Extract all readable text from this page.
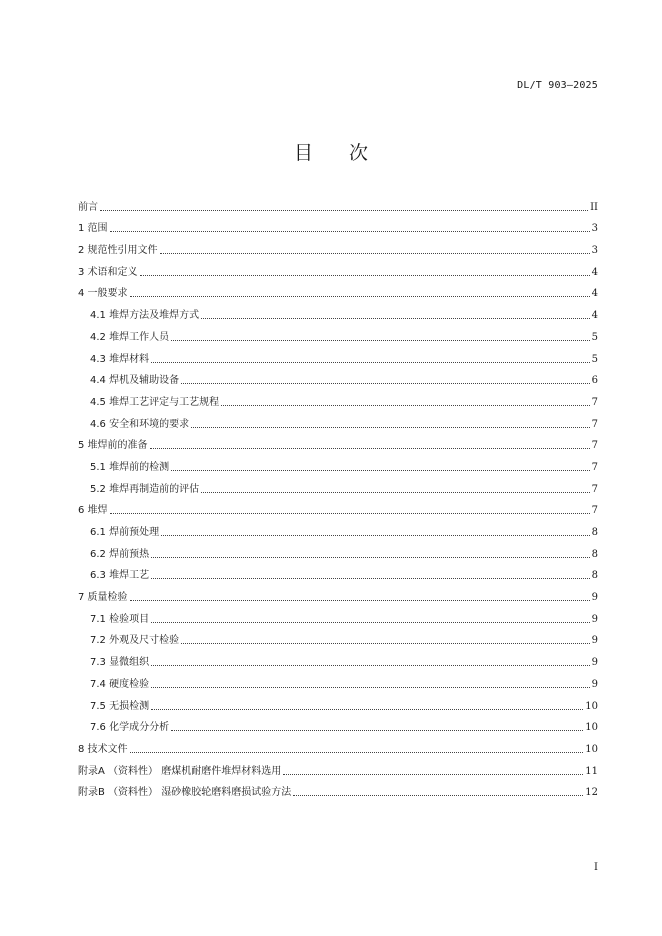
DL/T 903—2025
目次
前言	II
1 范围	3
2 规范性引用文件	3
3 术语和定义	4
4 一般要求	4
4.1 堆焊方法及堆焊方式	4
4.2 堆焊工作人员	5
4.3 堆焊材料	5
4.4 焊机及辅助设备	6
4.5 堆焊工艺评定与工艺规程	7
4.6 安全和环境的要求	7
5 堆焊前的准备	7
5.1 堆焊前的检测	7
5.2 堆焊再制造前的评估	7
6 堆焊	7
6.1 焊前预处理	8
6.2 焊前预热	8
6.3 堆焊工艺	8
7 质量检验	9
7.1 检验项目	9
7.2 外观及尺寸检验	9
7.3 显微组织	9
7.4 硬度检验	9
7.5 无损检测	10
7.6 化学成分分析	10
8 技术文件	10
附录A （资料性） 磨煤机耐磨件堆焊材料选用	11
附录B （资料性） 湿砂橡胶轮磨料磨损试验方法	12
I
